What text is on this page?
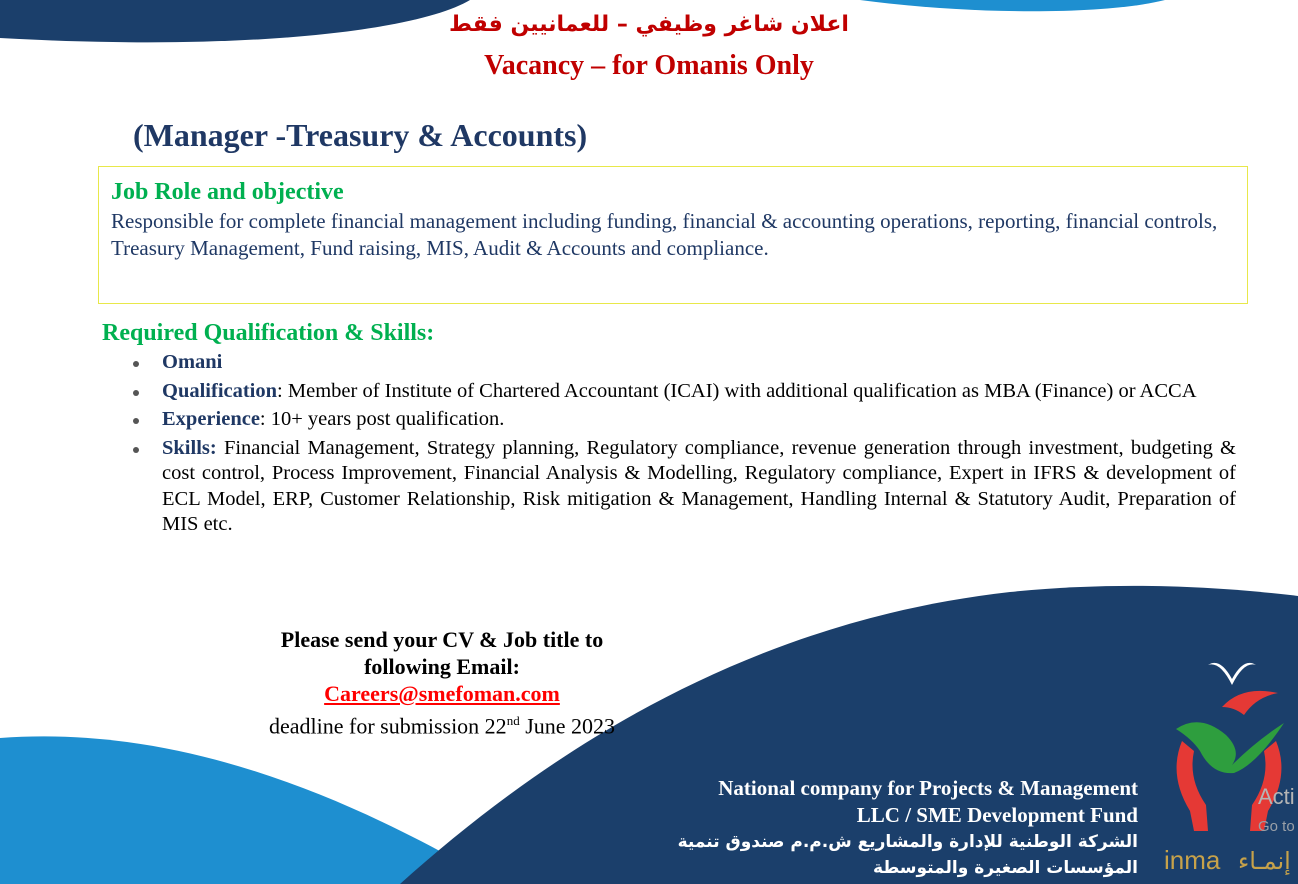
اعلان شاغر وظيفي – للعمانيين فقط
Vacancy – for Omanis Only
(Manager -Treasury & Accounts)
Job Role and objective
Responsible for complete financial management including funding, financial & accounting operations, reporting, financial controls, Treasury Management, Fund raising, MIS, Audit & Accounts and compliance.
Required Qualification & Skills:
Omani
Qualification: Member of Institute of Chartered Accountant (ICAI) with additional qualification as MBA (Finance) or ACCA
Experience: 10+ years post qualification.
Skills: Financial Management, Strategy planning, Regulatory compliance, revenue generation through investment, budgeting & cost control, Process Improvement, Financial Analysis & Modelling, Regulatory compliance, Expert in IFRS & development of ECL Model, ERP, Customer Relationship, Risk mitigation & Management, Handling Internal & Statutory Audit, Preparation of MIS etc.
Please send your CV & Job title to
following Email:
Careers@smefoman.com
deadline for submission 22nd June 2023
National company for Projects & Management
LLC / SME Development Fund
الشركة الوطنية للإدارة والمشاريع ش.م.م صندوق تنمية
المؤسسات الصغيرة والمتوسطة inma إنمـاء
Acti
Go to
